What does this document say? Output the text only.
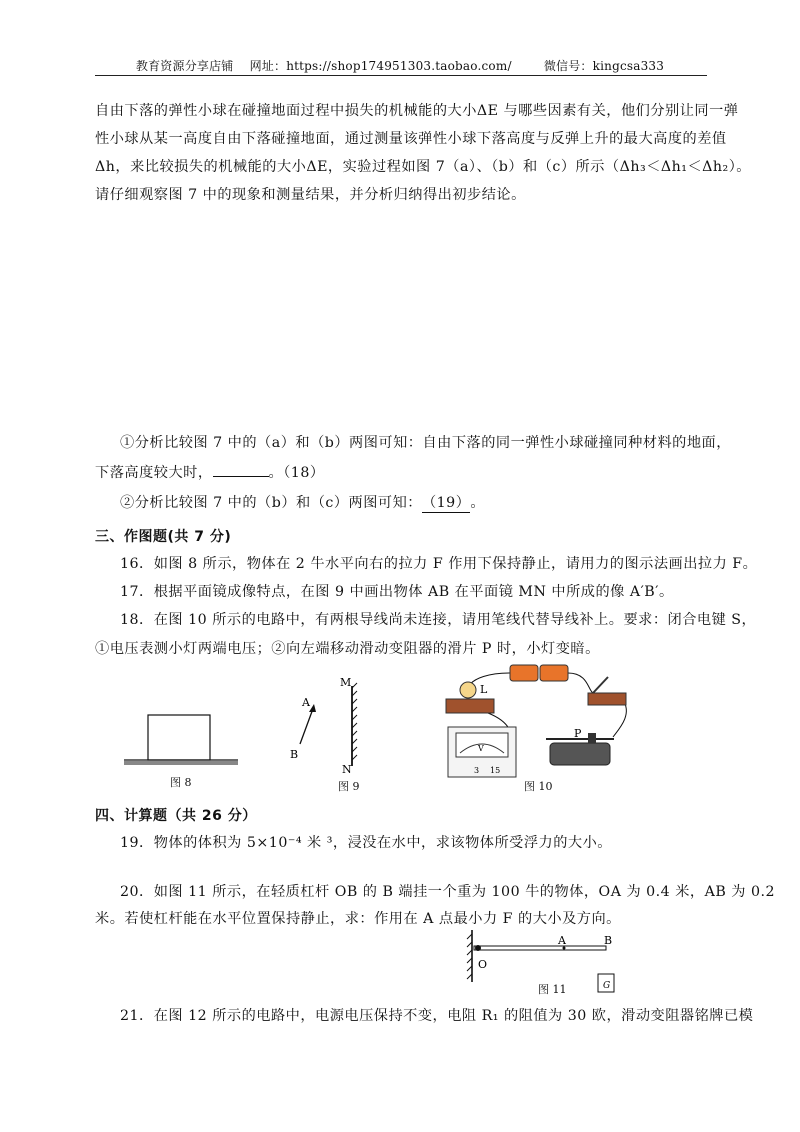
教育资源分享店铺 网址：https://shop174951303.taobao.com/	微信号：kingcsa333
自由下落的弹性小球在碰撞地面过程中损失的机械能的大小ΔE 与哪些因素有关，他们分别让同一弹
性小球从某一高度自由下落碰撞地面，通过测量该弹性小球下落高度与反弹上升的最大高度的差值
Δh，来比较损失的机械能的大小ΔE，实验过程如图 7（a）、（b）和（c）所示（Δh₃＜Δh₁＜Δh₂）。
请仔细观察图 7 中的现象和测量结果，并分析归纳得出初步结论。
①分析比较图 7 中的（a）和（b）两图可知：自由下落的同一弹性小球碰撞同种材料的地面，
下落高度较大时，	。（18）
②分析比较图 7 中的（b）和（c）两图可知：（19）。
三、作图题(共 7 分)
16．如图 8 所示，物体在 2 牛水平向右的拉力 F 作用下保持静止，请用力的图示法画出拉力 F。
17．根据平面镜成像特点，在图 9 中画出物体 AB 在平面镜 MN 中所成的像 A′B′。
18．在图 10 所示的电路中，有两根导线尚未连接，请用笔线代替导线补上。要求：闭合电键 S，
①电压表测小灯两端电压；②向左端移动滑动变阻器的滑片 P 时，小灯变暗。
图 8
A
B
M
N
图 9
L
V
3 15
P
图 10
四、计算题（共 26 分）
19．物体的体积为 5×10⁻⁴ 米 ³，浸没在水中，求该物体所受浮力的大小。
20．如图 11 所示，在轻质杠杆 OB 的 B 端挂一个重为 100 牛的物体，OA 为 0.4 米，AB 为 0.2
米。若使杠杆能在水平位置保持静止，求：作用在 A 点最小力 F 的大小及方向。
O
A	B
G
图 11
21．在图 12 所示的电路中，电源电压保持不变，电阻 R₁ 的阻值为 30 欧，滑动变阻器铭牌已模
